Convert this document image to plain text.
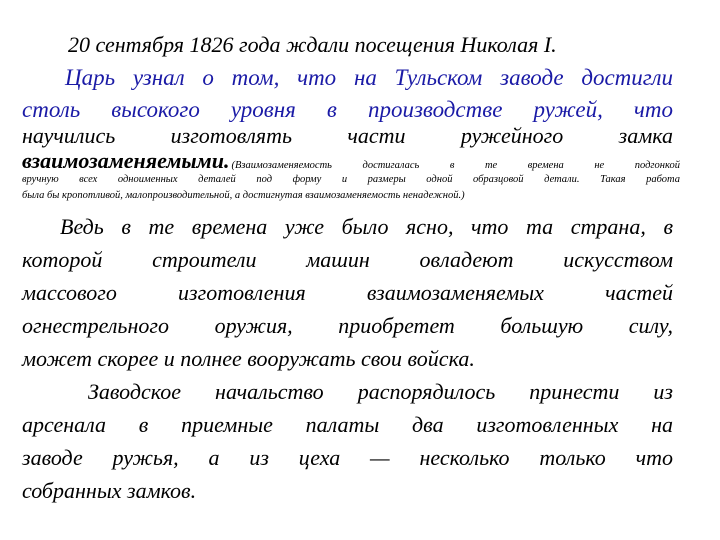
20 сентября 1826 года ждали посещения Николая I.
Царь узнал о том, что на Тульском заводе достигли
столь высокого уровня в производстве ружей, что
научились изготовлять части ружейного замка
взаимозаменяемыми. (Взаимозаменяемость достигалась в те времена не подгонкой
вручную всех одноименных деталей под форму и размеры одной образцовой детали. Такая работа
была бы кропотливой, малопроизводительной, а достигнутая взаимозаменяемость ненадежной.)
Ведь в те времена уже было ясно, что та страна, в
которой строители машин овладеют искусством
массового изготовления взаимозаменяемых частей
огнестрельного оружия, приобретет большую силу,
может скорее и полнее вооружать свои войска.
Заводское начальство распорядилось принести из
арсенала в приемные палаты два изготовленных на
заводе ружья, а из цеха — несколько только что
собранных замков.
